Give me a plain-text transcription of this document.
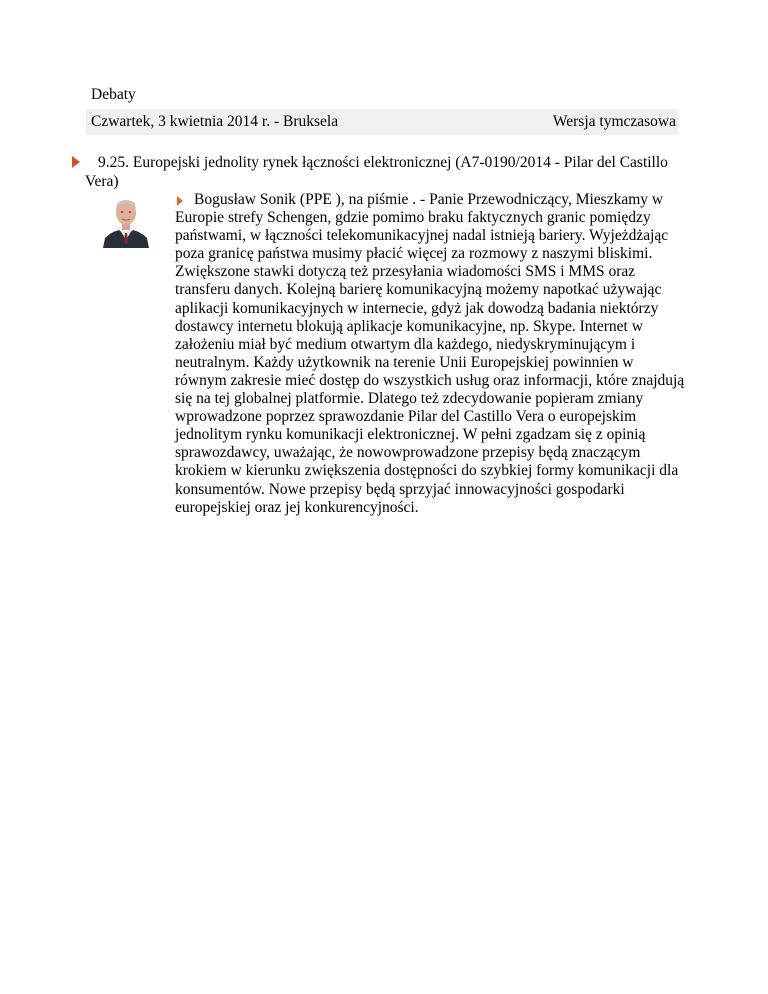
Debaty
Czwartek, 3 kwietnia 2014 r. - Bruksela	Wersja tymczasowa
9.25. Europejski jednolity rynek łączności elektronicznej (A7-0190/2014 - Pilar del Castillo Vera)
Bogusław Sonik (PPE ), na piśmie . - Panie Przewodniczący, Mieszkamy w Europie strefy Schengen, gdzie pomimo braku faktycznych granic pomiędzy państwami, w łączności telekomunikacyjnej nadal istnieją bariery. Wyjeżdżając poza granicę państwa musimy płacić więcej za rozmowy z naszymi bliskimi. Zwiększone stawki dotyczą też przesyłania wiadomości SMS i MMS oraz transferu danych. Kolejną barierę komunikacyjną możemy napotkać używając aplikacji komunikacyjnych w internecie, gdyż jak dowodzą badania niektórzy dostawcy internetu blokują aplikacje komunikacyjne, np. Skype. Internet w założeniu miał być medium otwartym dla każdego, niedyskryminującym i neutralnym. Każdy użytkownik na terenie Unii Europejskiej powinnien w równym zakresie mieć dostęp do wszystkich usług oraz informacji, które znajdują się na tej globalnej platformie. Dlatego też zdecydowanie popieram zmiany wprowadzone poprzez sprawozdanie Pilar del Castillo Vera o europejskim jednolitym rynku komunikacji elektronicznej. W pełni zgadzam się z opinią sprawozdawcy, uważając, że nowowprowadzone przepisy będą znaczącym krokiem w kierunku zwiększenia dostępności do szybkiej formy komunikacji dla konsumentów. Nowe przepisy będą sprzyjać innowacyjności gospodarki europejskiej oraz jej konkurencyjności.
